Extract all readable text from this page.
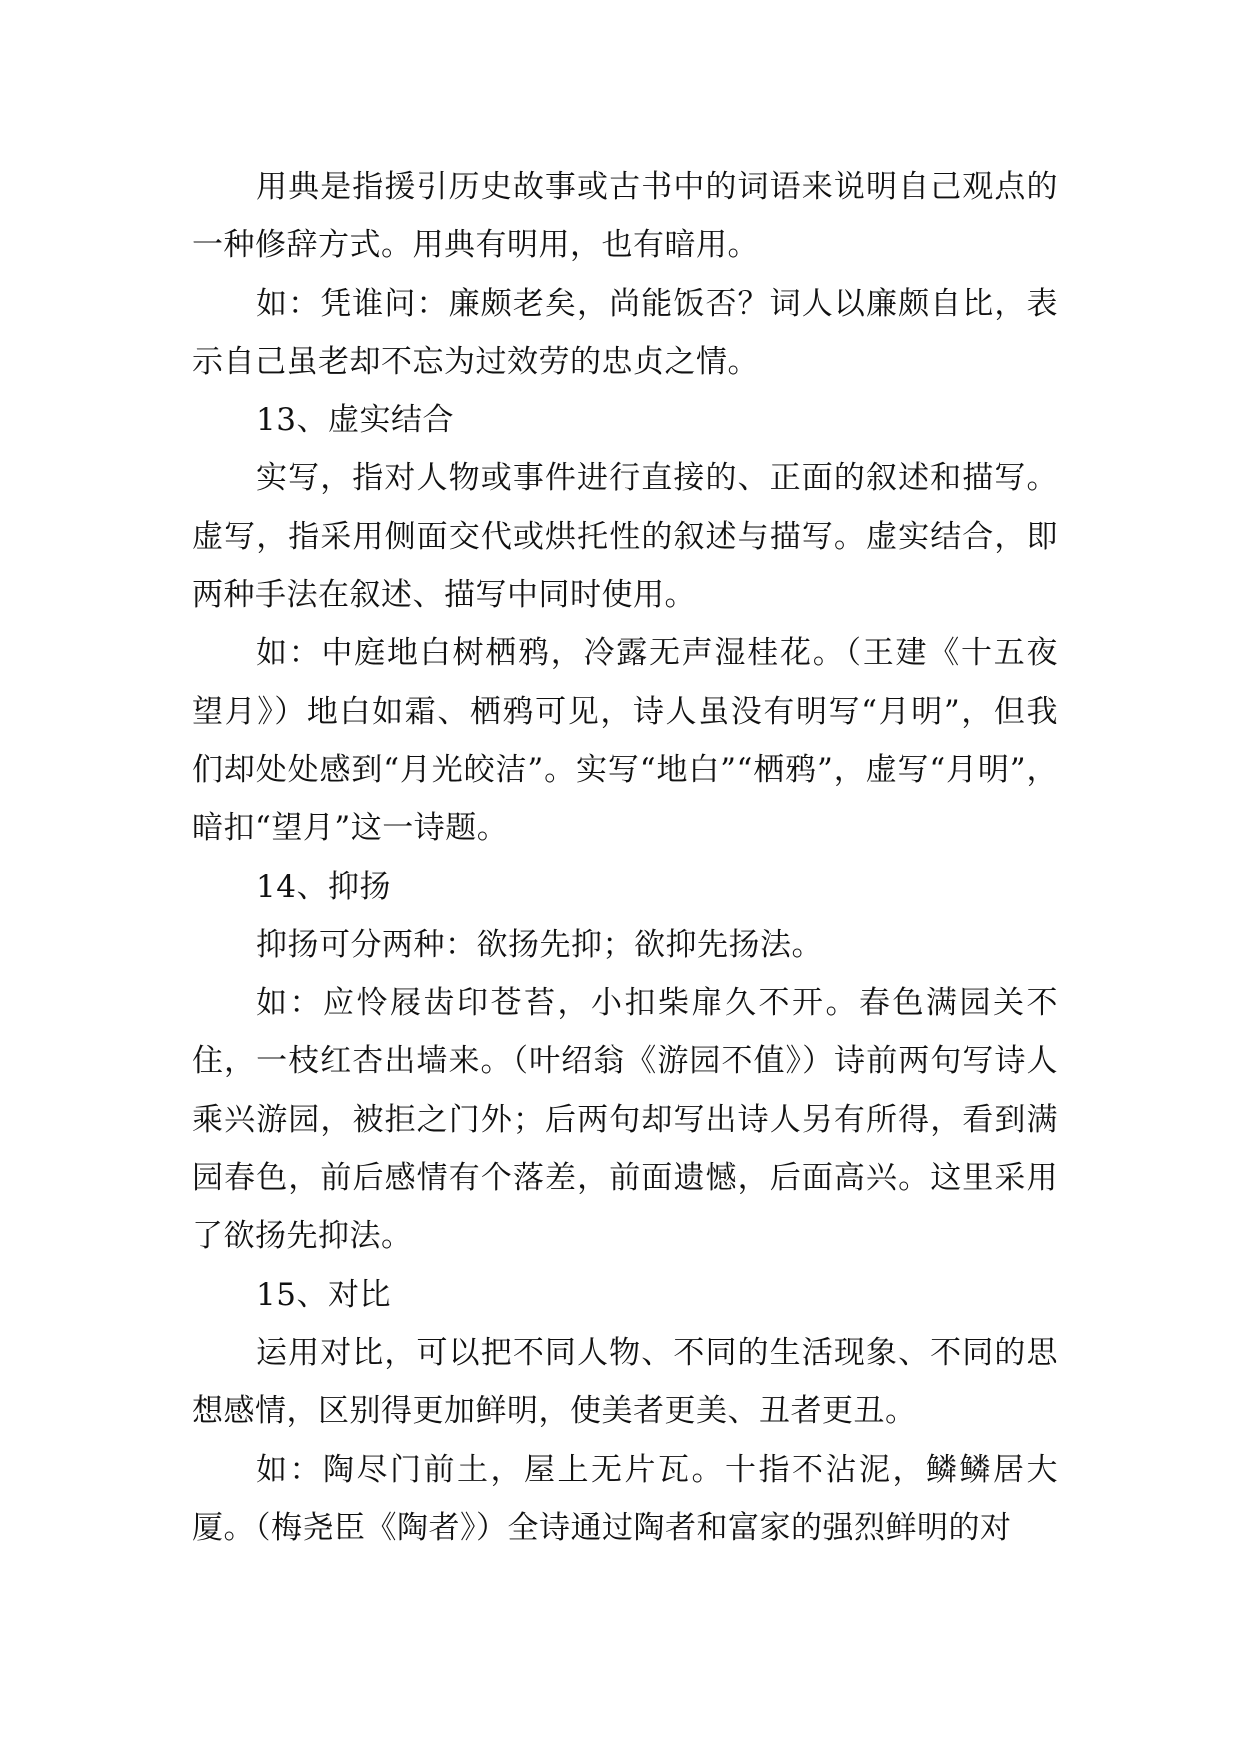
用典是指援引历史故事或古书中的词语来说明自己观点的一种修辞方式。用典有明用，也有暗用。

如：凭谁问：廉颇老矣，尚能饭否？词人以廉颇自比，表示自己虽老却不忘为过效劳的忠贞之情。

13、虚实结合

实写，指对人物或事件进行直接的、正面的叙述和描写。虚写，指采用侧面交代或烘托性的叙述与描写。虚实结合，即两种手法在叙述、描写中同时使用。

如：中庭地白树栖鸦，冷露无声湿桂花。（王建《十五夜望月》）地白如霜、栖鸦可见，诗人虽没有明写“月明”，但我们却处处感到“月光皎洁”。实写“地白”“栖鸦”，虚写“月明”，暗扣“望月”这一诗题。

14、抑扬

抑扬可分两种：欲扬先抑；欲抑先扬法。

如：应怜屐齿印苍苔，小扣柴扉久不开。春色满园关不住，一枝红杏出墙来。（叶绍翁《游园不值》）诗前两句写诗人乘兴游园，被拒之门外；后两句却写出诗人另有所得，看到满园春色，前后感情有个落差，前面遗憾，后面高兴。这里采用了欲扬先抑法。

15、对比

运用对比，可以把不同人物、不同的生活现象、不同的思想感情，区别得更加鲜明，使美者更美、丑者更丑。

如：陶尽门前土，屋上无片瓦。十指不沾泥，鳞鳞居大厦。（梅尧臣《陶者》）全诗通过陶者和富家的强烈鲜明的对
